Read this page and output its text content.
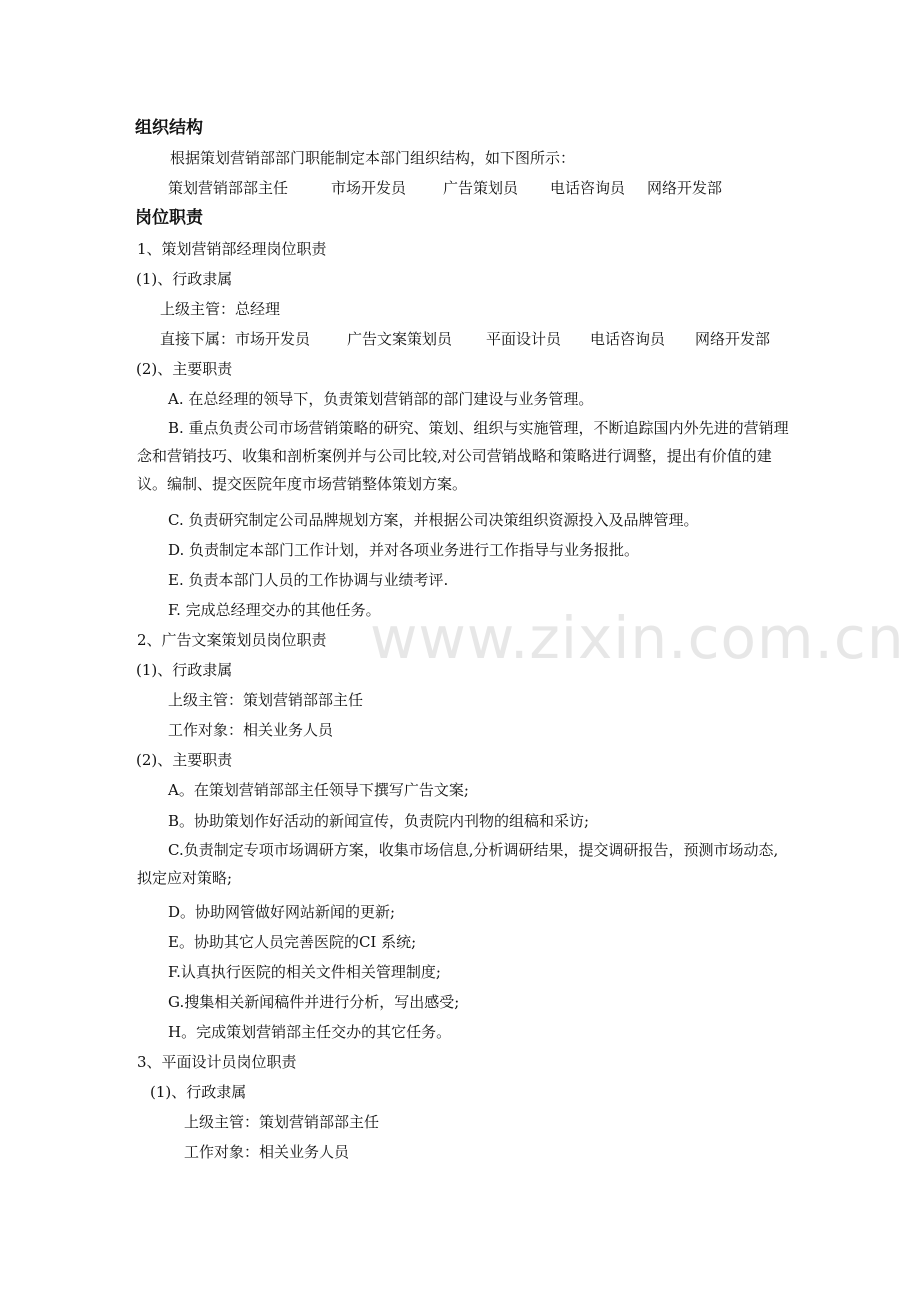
www.zixin.com.cn
组织结构
根据策划营销部部门职能制定本部门组织结构，如下图所示：
策划营销部部主任	市场开发员 广告策划员 电话咨询员 网络开发部
岗位职责
1、策划营销部经理岗位职责
(1)、行政隶属
上级主管：总经理
直接下属：市场开发员 广告文案策划员 平面设计员 电话咨询员 网络开发部
(2)、主要职责
A. 在总经理的领导下，负责策划营销部的部门建设与业务管理。
B. 重点负责公司市场营销策略的研究、策划、组织与实施管理，不断追踪国内外先进的营销理念和营销技巧、收集和剖析案例并与公司比较,对公司营销战略和策略进行调整，提出有价值的建议。编制、提交医院年度市场营销整体策划方案。
C. 负责研究制定公司品牌规划方案，并根据公司决策组织资源投入及品牌管理。
D. 负责制定本部门工作计划，并对各项业务进行工作指导与业务报批。
E. 负责本部门人员的工作协调与业绩考评.
F. 完成总经理交办的其他任务。
2、广告文案策划员岗位职责
(1)、行政隶属
上级主管：策划营销部部主任
工作对象：相关业务人员
(2)、主要职责
A。在策划营销部部主任领导下撰写广告文案;
B。协助策划作好活动的新闻宣传，负责院内刊物的组稿和采访;
C.负责制定专项市场调研方案，收集市场信息,分析调研结果，提交调研报告，预测市场动态,拟定应对策略;
D。协助网管做好网站新闻的更新;
E。协助其它人员完善医院的CI 系统;
F.认真执行医院的相关文件相关管理制度;
G.搜集相关新闻稿件并进行分析，写出感受;
H。完成策划营销部主任交办的其它任务。
3、平面设计员岗位职责
(1)、行政隶属
上级主管：策划营销部部主任
工作对象：相关业务人员
